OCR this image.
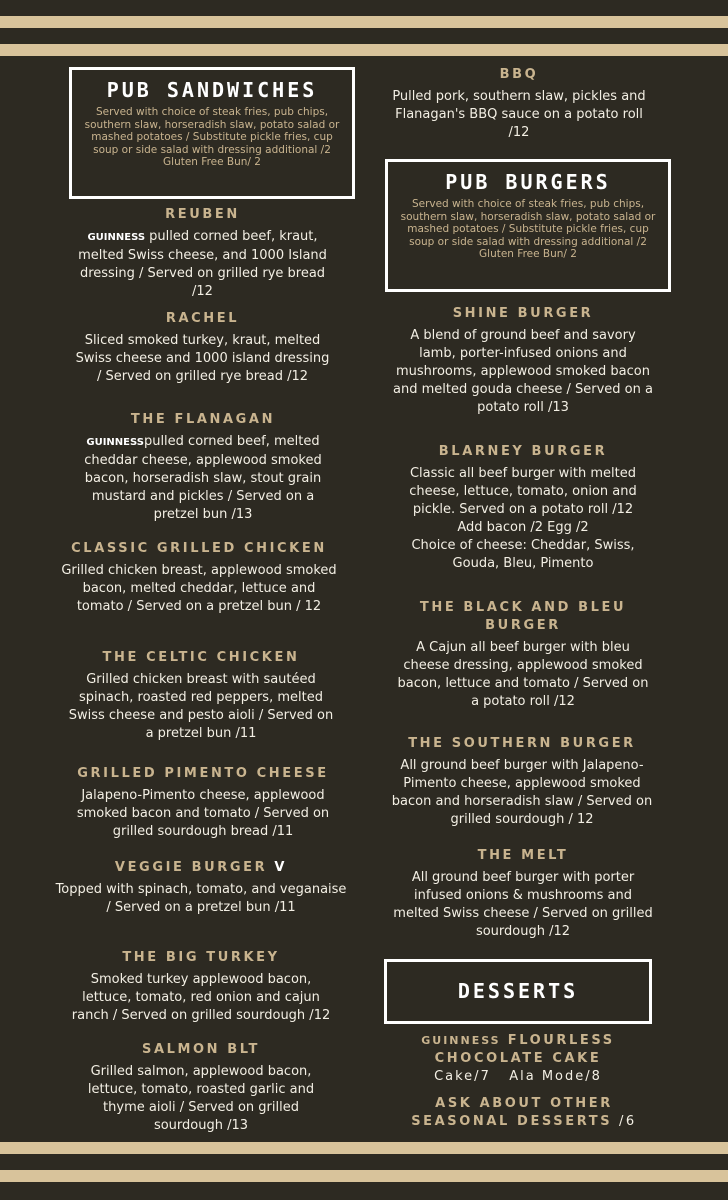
PUB SANDWICHES
Served with choice of steak fries, pub chips, southern slaw, horseradish slaw, potato salad or mashed potatoes / Substitute pickle fries, cup soup or side salad with dressing additional /2
Gluten Free Bun/ 2
REUBEN
GUINNESS pulled corned beef, kraut, melted Swiss cheese, and 1000 Island dressing / Served on grilled rye bread /12
RACHEL
Sliced smoked turkey, kraut, melted Swiss cheese and 1000 island dressing / Served on grilled rye bread /12
THE FLANAGAN
GUINNESSpulled corned beef, melted cheddar cheese, applewood smoked bacon, horseradish slaw, stout grain mustard and pickles / Served on a pretzel bun /13
CLASSIC GRILLED CHICKEN
Grilled chicken breast, applewood smoked bacon, melted cheddar, lettuce and tomato / Served on a pretzel bun / 12
THE CELTIC CHICKEN
Grilled chicken breast with sautéed spinach, roasted red peppers, melted Swiss cheese and pesto aioli / Served on a pretzel bun /11
GRILLED PIMENTO CHEESE
Jalapeno-Pimento cheese, applewood smoked bacon and tomato / Served on grilled sourdough bread /11
VEGGIE BURGER V
Topped with spinach, tomato, and veganaise / Served on a pretzel bun /11
THE BIG TURKEY
Smoked turkey applewood bacon, lettuce, tomato, red onion and cajun ranch / Served on grilled sourdough /12
SALMON BLT
Grilled salmon, applewood bacon, lettuce, tomato, roasted garlic and thyme aioli / Served on grilled sourdough /13
BBQ
Pulled pork, southern slaw, pickles and Flanagan's BBQ sauce on a potato roll /12
PUB BURGERS
Served with choice of steak fries, pub chips, southern slaw, horseradish slaw, potato salad or mashed potatoes / Substitute pickle fries, cup soup or side salad with dressing additional /2
Gluten Free Bun/ 2
SHINE BURGER
A blend of ground beef and savory lamb, porter-infused onions and mushrooms, applewood smoked bacon and melted gouda cheese / Served on a potato roll /13
BLARNEY BURGER
Classic all beef burger with melted cheese, lettuce, tomato, onion and pickle. Served on a potato roll /12
Add bacon /2 Egg /2
Choice of cheese: Cheddar, Swiss, Gouda, Bleu, Pimento
THE BLACK AND BLEU BURGER
A Cajun all beef burger with bleu cheese dressing, applewood smoked bacon, lettuce and tomato / Served on a potato roll /12
THE SOUTHERN BURGER
All ground beef burger with Jalapeno-Pimento cheese, applewood smoked bacon and horseradish slaw / Served on grilled sourdough / 12
THE MELT
All ground beef burger with porter infused onions & mushrooms and melted Swiss cheese / Served on grilled sourdough /12
DESSERTS
GUINNESS FLOURLESS
CHOCOLATE CAKE
Cake/7   Ala Mode/8
ASK ABOUT OTHER
SEASONAL DESSERTS /6
